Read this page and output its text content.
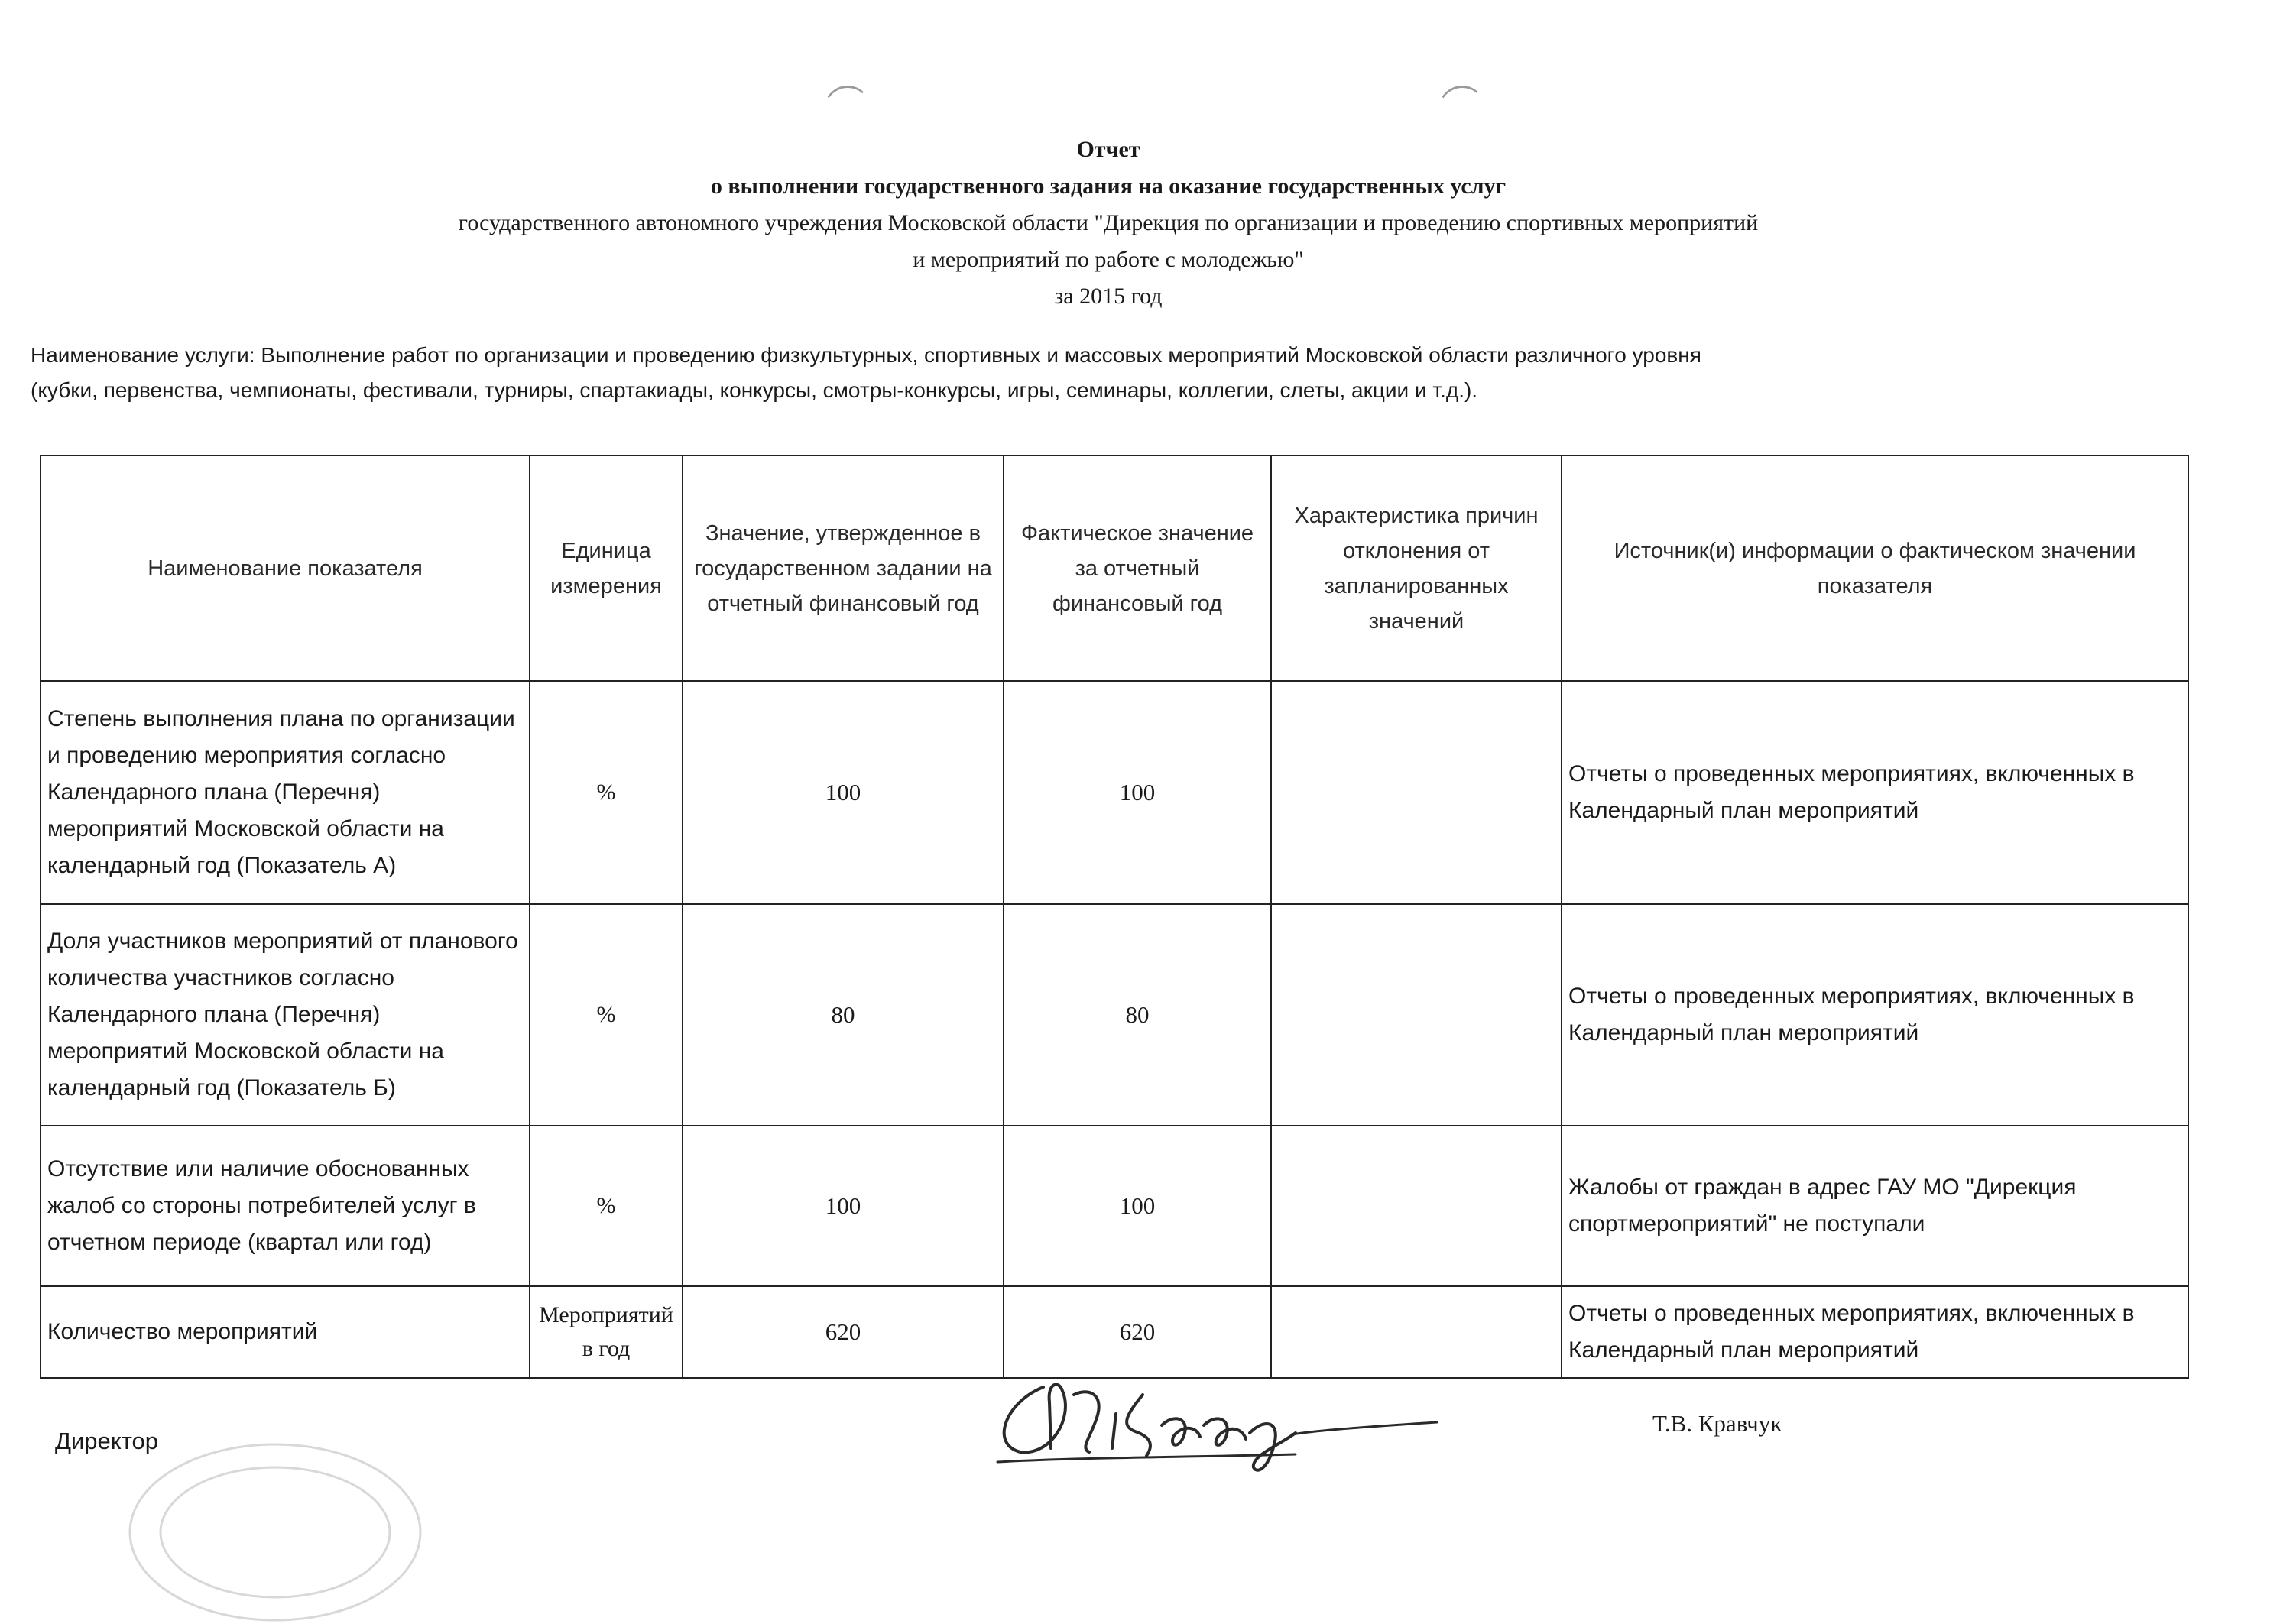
Отчет
о выполнении государственного задания на оказание государственных услуг
государственного автономного учреждения Московской области "Дирекция по организации и проведению спортивных мероприятий
и мероприятий по работе с молодежью"
за 2015 год
Наименование услуги: Выполнение работ по организации и проведению физкультурных, спортивных и массовых мероприятий Московской области различного уровня
(кубки, первенства, чемпионаты, фестивали, турниры, спартакиады, конкурсы, смотры-конкурсы, игры, семинары, коллегии, слеты, акции и т.д.).
Наименование показателя	Единица измерения	Значение, утвержденное в государственном задании на отчетный финансовый год	Фактическое значение за отчетный финансовый год	Характеристика причин отклонения от запланированных значений	Источник(и) информации о фактическом значении показателя
Степень выполнения плана по организации и проведению мероприятия согласно Календарного плана (Перечня) мероприятий Московской области на календарный год (Показатель А)	%	100	100		Отчеты о проведенных мероприятиях, включенных в Календарный план мероприятий
Доля участников мероприятий от планового количества участников согласно Календарного плана (Перечня) мероприятий Московской области на календарный год (Показатель Б)	%	80	80		Отчеты о проведенных мероприятиях, включенных в Календарный план мероприятий
Отсутствие или наличие обоснованных жалоб со стороны потребителей услуг в отчетном периоде (квартал или год)	%	100	100		Жалобы от граждан в адрес ГАУ МО "Дирекция спортмероприятий" не поступали
Количество мероприятий	Мероприятий в год	620	620		Отчеты о проведенных мероприятиях, включенных в Календарный план мероприятий
Директор
Т.В. Кравчук
